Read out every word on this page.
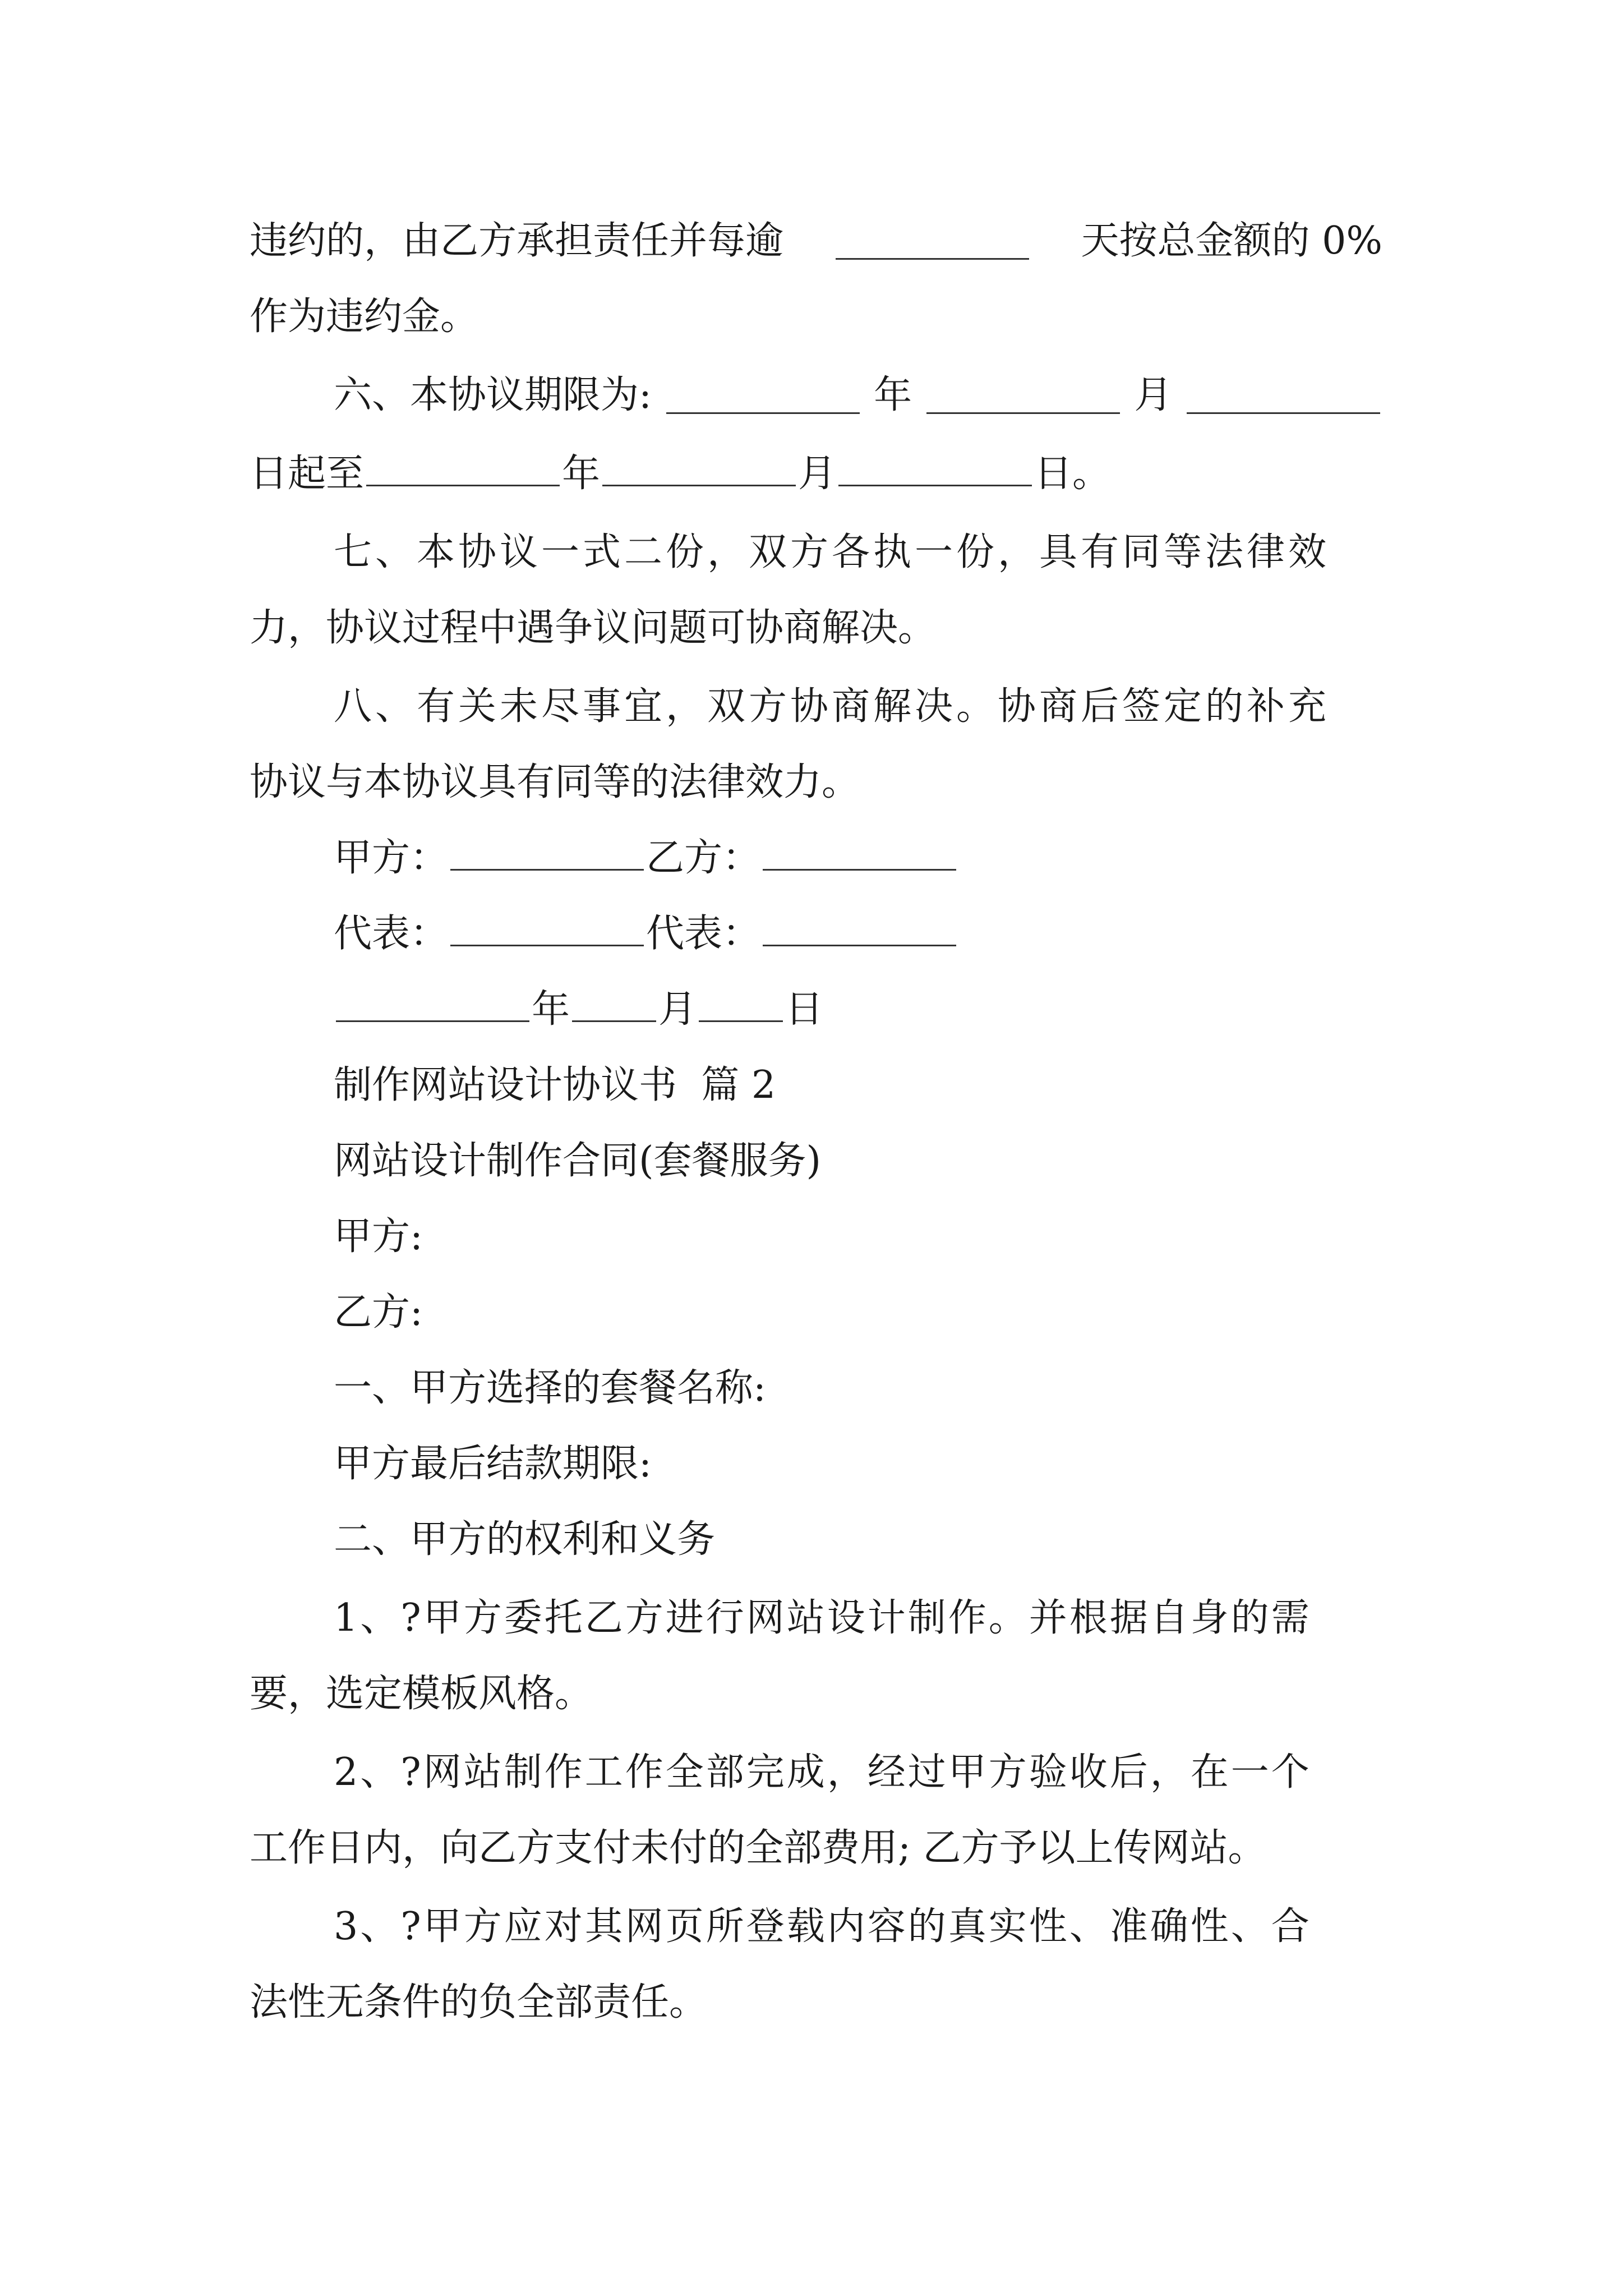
违约的，由乙方承担责任并每逾	天按总金额的 0%
作为违约金。
六、本协议期限为:	年	月
日起至	年	月	日。
七、本协议一式二份，双方各执一份，具有同等法律效
力，协议过程中遇争议问题可协商解决。
八、有关未尽事宜，双方协商解决。协商后签定的补充
协议与本协议具有同等的法律效力。
甲方：	乙方：
代表：	代表：
年 月 日
制作网站设计协议书  篇 2
网站设计制作合同(套餐服务)
甲方:
乙方:
一、甲方选择的套餐名称:
甲方最后结款期限:
二、甲方的权利和义务
1、?甲方委托乙方进行网站设计制作。并根据自身的需
要，选定模板风格。
2、?网站制作工作全部完成，经过甲方验收后，在一个
工作日内，向乙方支付未付的全部费用; 乙方予以上传网站。
3、?甲方应对其网页所登载内容的真实性、准确性、合
法性无条件的负全部责任。
